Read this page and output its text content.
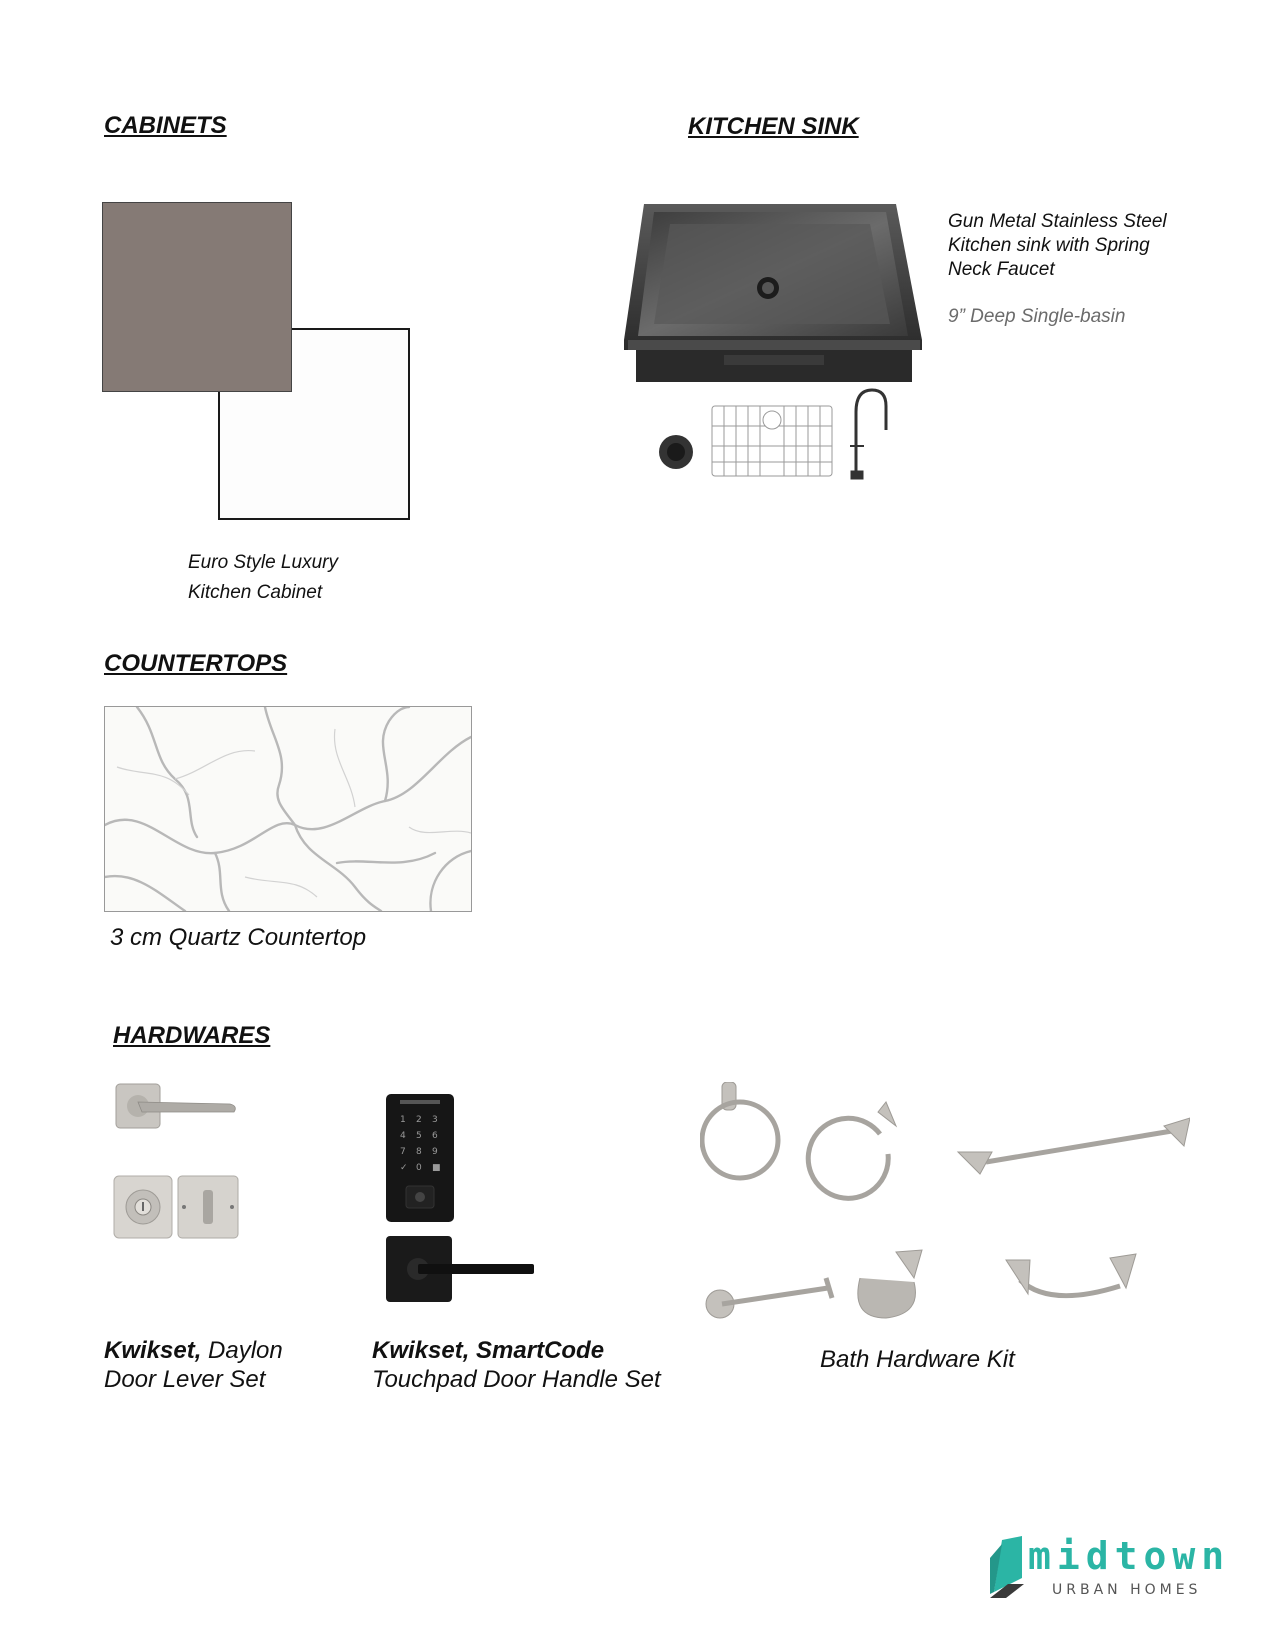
CABINETS
Euro Style Luxury
Kitchen Cabinet
KITCHEN SINK
Gun Metal Stainless Steel
Kitchen sink with Spring
Neck Faucet
9” Deep Single-basin
COUNTERTOPS
3 cm Quartz Countertop
HARDWARES
1 2 3
4 5 6
7 8 9
✓ 0 ■
Kwikset, Daylon
Door Lever Set
Kwikset, SmartCode
Touchpad Door Handle Set
Bath Hardware Kit
midtown
URBAN HOMES
